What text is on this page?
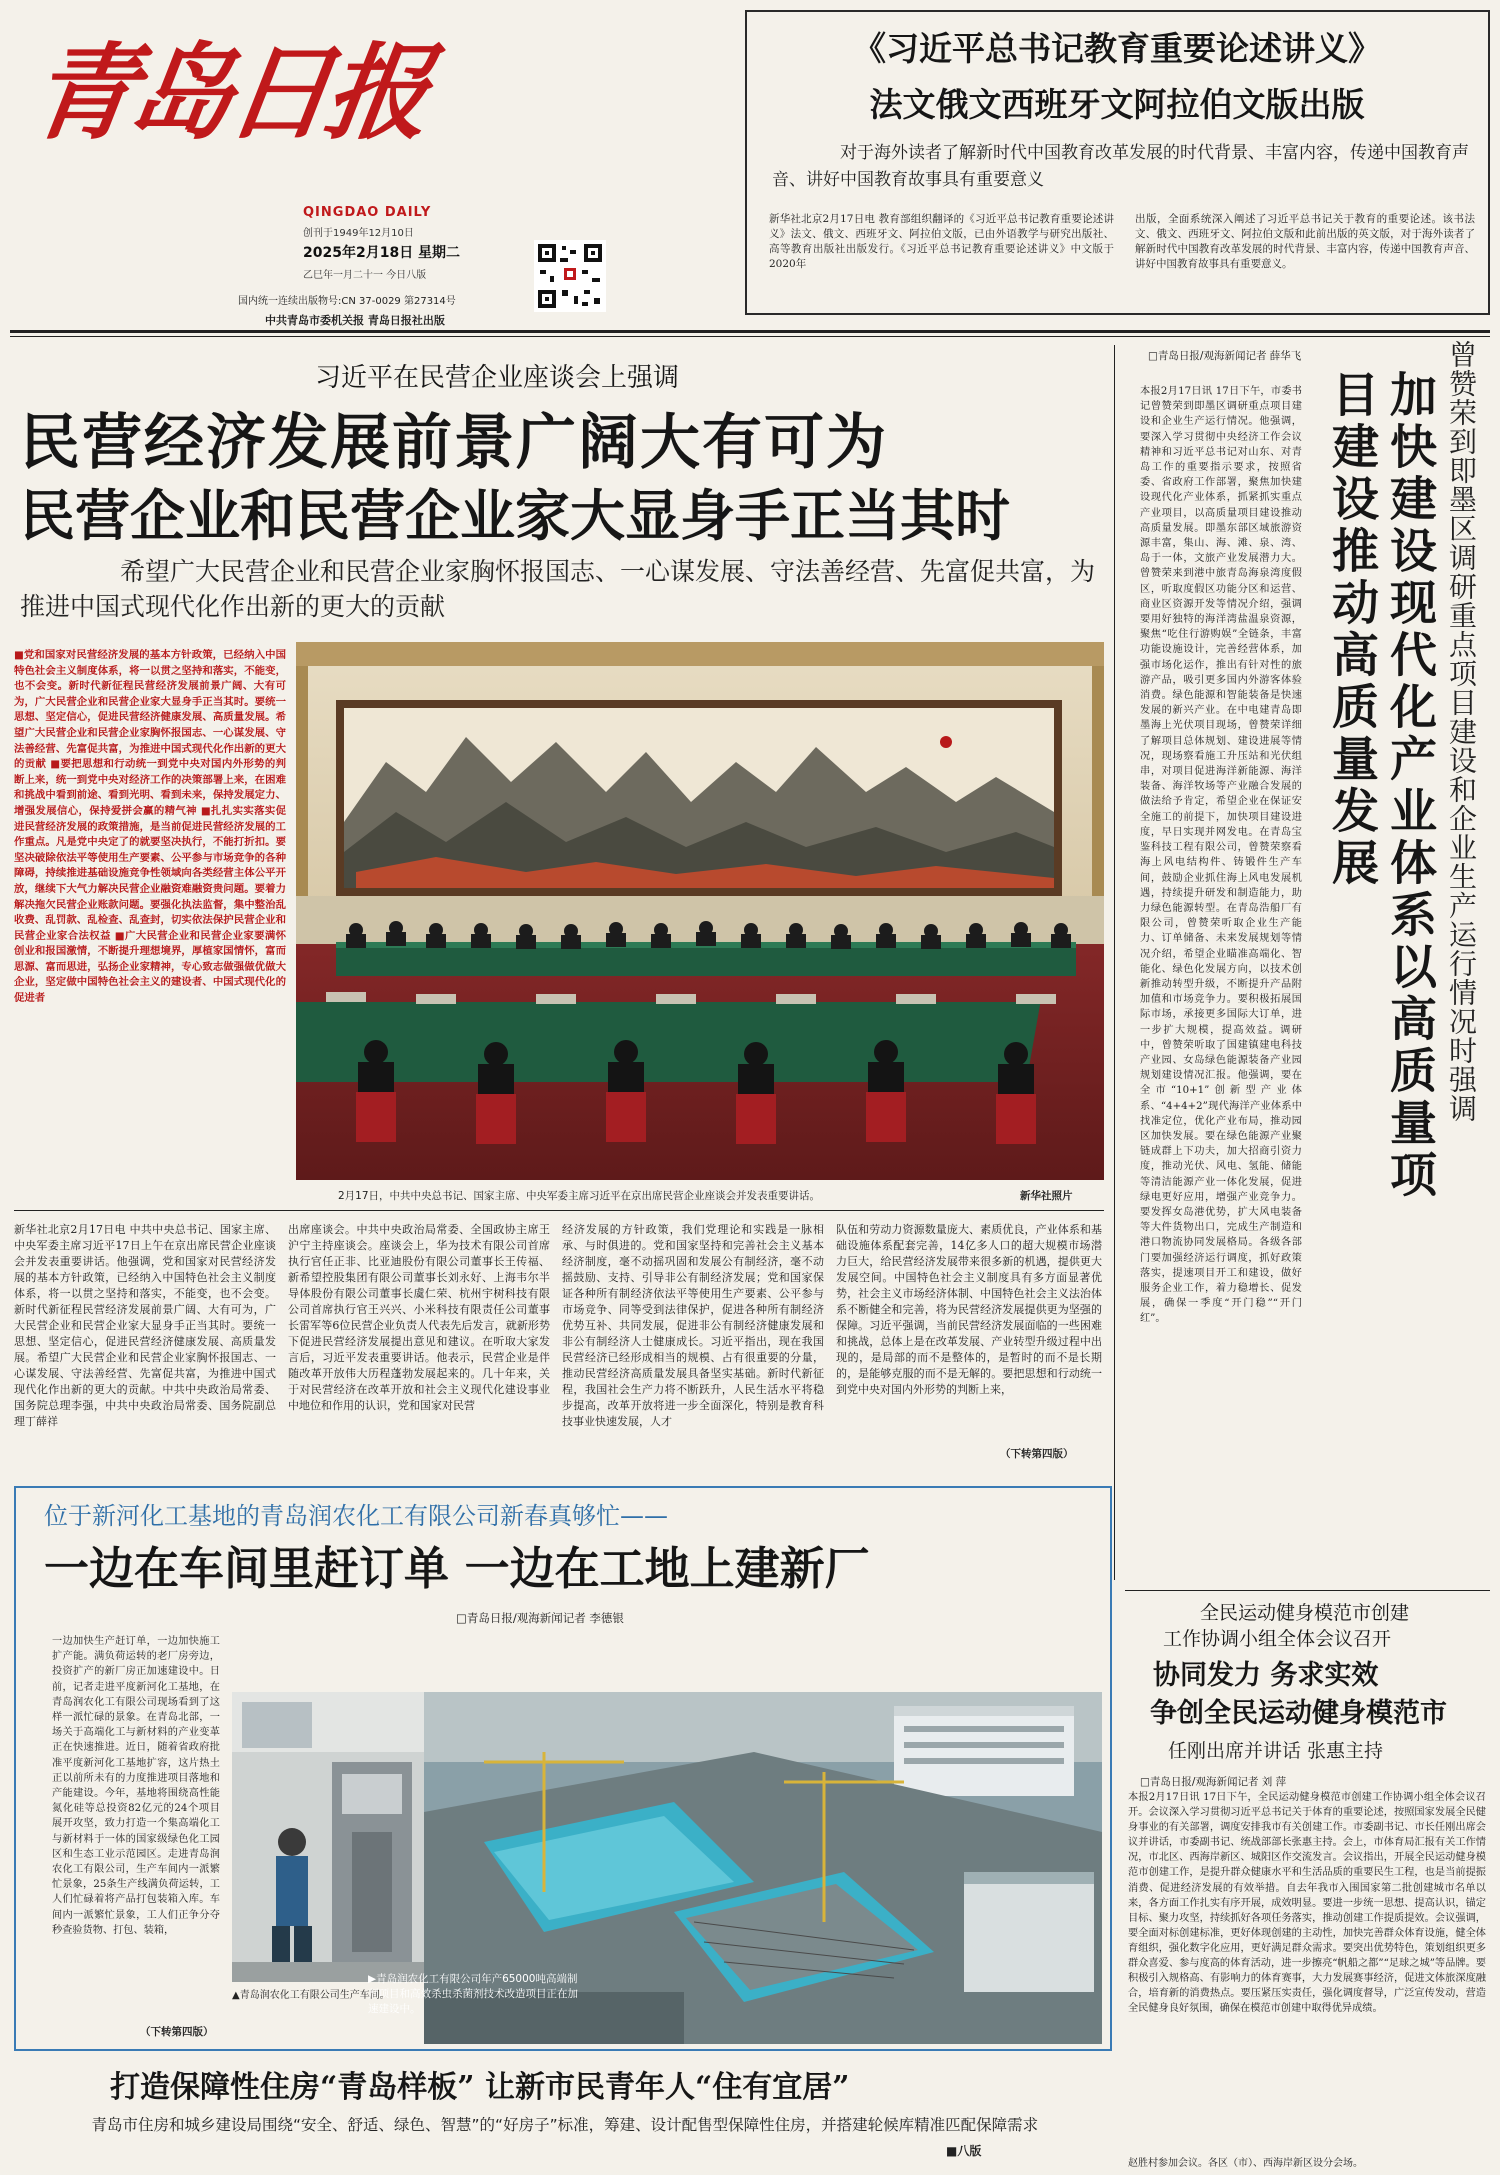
青岛日报
QINGDAO DAILY
创刊于1949年12月10日
2025年2月18日 星期二
乙巳年一月二十一 今日八版
国内统一连续出版物号:CN 37-0029 第27314号
中共青岛市委机关报 青岛日报社出版
《习近平总书记教育重要论述讲义》
法文俄文西班牙文阿拉伯文版出版
对于海外读者了解新时代中国教育改革发展的时代背景、丰富内容，传递中国教育声音、讲好中国教育故事具有重要意义
新华社北京2月17日电 教育部组织翻译的《习近平总书记教育重要论述讲义》法文、俄文、西班牙文、阿拉伯文版，已由外语教学与研究出版社、高等教育出版社出版发行。《习近平总书记教育重要论述讲义》中文版于2020年
出版，全面系统深入阐述了习近平总书记关于教育的重要论述。该书法文、俄文、西班牙文、阿拉伯文版和此前出版的英文版，对于海外读者了解新时代中国教育改革发展的时代背景、丰富内容，传递中国教育声音、讲好中国教育故事具有重要意义。
习近平在民营企业座谈会上强调
民营经济发展前景广阔大有可为
民营企业和民营企业家大显身手正当其时
希望广大民营企业和民营企业家胸怀报国志、一心谋发展、守法善经营、先富促共富，为推进中国式现代化作出新的更大的贡献
■党和国家对民营经济发展的基本方针政策，已经纳入中国特色社会主义制度体系，将一以贯之坚持和落实，不能变，也不会变。新时代新征程民营经济发展前景广阔、大有可为，广大民营企业和民营企业家大显身手正当其时。要统一思想、坚定信心，促进民营经济健康发展、高质量发展。希望广大民营企业和民营企业家胸怀报国志、一心谋发展、守法善经营、先富促共富，为推进中国式现代化作出新的更大的贡献 ■要把思想和行动统一到党中央对国内外形势的判断上来，统一到党中央对经济工作的决策部署上来，在困难和挑战中看到前途、看到光明、看到未来，保持发展定力、增强发展信心，保持爱拼会赢的精气神 ■扎扎实实落实促进民营经济发展的政策措施，是当前促进民营经济发展的工作重点。凡是党中央定了的就要坚决执行，不能打折扣。要坚决破除依法平等使用生产要素、公平参与市场竞争的各种障碍，持续推进基础设施竞争性领域向各类经营主体公平开放，继续下大气力解决民营企业融资难融资贵问题。要着力解决拖欠民营企业账款问题。要强化执法监督，集中整治乱收费、乱罚款、乱检查、乱查封，切实依法保护民营企业和民营企业家合法权益 ■广大民营企业和民营企业家要满怀创业和报国激情，不断提升理想境界，厚植家国情怀，富而思源、富而思进，弘扬企业家精神，专心致志做强做优做大企业，坚定做中国特色社会主义的建设者、中国式现代化的促进者
2月17日，中共中央总书记、国家主席、中央军委主席习近平在京出席民营企业座谈会并发表重要讲话。	新华社照片
新华社北京2月17日电 中共中央总书记、国家主席、中央军委主席习近平17日上午在京出席民营企业座谈会并发表重要讲话。他强调，党和国家对民营经济发展的基本方针政策，已经纳入中国特色社会主义制度体系，将一以贯之坚持和落实，不能变，也不会变。新时代新征程民营经济发展前景广阔、大有可为，广大民营企业和民营企业家大显身手正当其时。要统一思想、坚定信心，促进民营经济健康发展、高质量发展。希望广大民营企业和民营企业家胸怀报国志、一心谋发展、守法善经营、先富促共富，为推进中国式现代化作出新的更大的贡献。中共中央政治局常委、国务院总理李强，中共中央政治局常委、国务院副总理丁薛祥
出席座谈会。中共中央政治局常委、全国政协主席王沪宁主持座谈会。座谈会上，华为技术有限公司首席执行官任正非、比亚迪股份有限公司董事长王传福、新希望控股集团有限公司董事长刘永好、上海韦尔半导体股份有限公司董事长虞仁荣、杭州宇树科技有限公司首席执行官王兴兴、小米科技有限责任公司董事长雷军等6位民营企业负责人代表先后发言，就新形势下促进民营经济发展提出意见和建议。在听取大家发言后，习近平发表重要讲话。他表示，民营企业是伴随改革开放伟大历程蓬勃发展起来的。几十年来，关于对民营经济在改革开放和社会主义现代化建设事业中地位和作用的认识，党和国家对民营
经济发展的方针政策，我们党理论和实践是一脉相承、与时俱进的。党和国家坚持和完善社会主义基本经济制度，毫不动摇巩固和发展公有制经济，毫不动摇鼓励、支持、引导非公有制经济发展；党和国家保证各种所有制经济依法平等使用生产要素、公平参与市场竞争、同等受到法律保护，促进各种所有制经济优势互补、共同发展，促进非公有制经济健康发展和非公有制经济人士健康成长。习近平指出，现在我国民营经济已经形成相当的规模、占有很重要的分量，推动民营经济高质量发展具备坚实基础。新时代新征程，我国社会生产力将不断跃升，人民生活水平将稳步提高，改革开放将进一步全面深化，特别是教育科技事业快速发展，人才
队伍和劳动力资源数量庞大、素质优良，产业体系和基础设施体系配套完善，14亿多人口的超大规模市场潜力巨大，给民营经济发展带来很多新的机遇，提供更大发展空间。中国特色社会主义制度具有多方面显著优势，社会主义市场经济体制、中国特色社会主义法治体系不断健全和完善，将为民营经济发展提供更为坚强的保障。习近平强调，当前民营经济发展面临的一些困难和挑战，总体上是在改革发展、产业转型升级过程中出现的，是局部的而不是整体的，是暂时的而不是长期的，是能够克服的而不是无解的。要把思想和行动统一到党中央对国内外形势的判断上来，
（下转第四版）
□青岛日报/观海新闻记者 薛华飞
本报2月17日讯 17日下午，市委书记曾赞荣到即墨区调研重点项目建设和企业生产运行情况。他强调，要深入学习贯彻中央经济工作会议精神和习近平总书记对山东、对青岛工作的重要指示要求，按照省委、省政府工作部署，聚焦加快建设现代化产业体系，抓紧抓实重点产业项目，以高质量项目建设推动高质量发展。即墨东部区域旅游资源丰富，集山、海、滩、泉、湾、岛于一体，文旅产业发展潜力大。曾赞荣来到港中旅青岛海泉湾度假区，听取度假区功能分区和运营、商业区资源开发等情况介绍，强调要用好独特的海洋湾盐温泉资源，聚焦“吃住行游购娱”全链条，丰富功能设施设计，完善经营体系，加强市场化运作，推出有针对性的旅游产品，吸引更多国内外游客体验消费。绿色能源和智能装备是快速发展的新兴产业。在中电建青岛即墨海上光伏项目现场，曾赞荣详细了解项目总体规划、建设进展等情况，现场察看施工升压站和光伏组串，对项目促进海洋新能源、海洋装备、海洋牧场等产业融合发展的做法给予肯定，希望企业在保证安全施工的前提下，加快项目建设进度，早日实现并网发电。在青岛宝鉴科技工程有限公司，曾赞荣察看海上风电结构件、铸锻件生产车间，鼓励企业抓住海上风电发展机遇，持续提升研发和制造能力，助力绿色能源转型。在青岛浩船厂有限公司，曾赞荣听取企业生产能力、订单储备、未来发展规划等情况介绍，希望企业瞄准高端化、智能化、绿色化发展方向，以技术创新推动转型升级，不断提升产品附加值和市场竞争力。要积极拓展国际市场，承接更多国际大订单，进一步扩大规模，提高效益。调研中，曾赞荣听取了国建镇建电科技产业园、女岛绿色能源装备产业园规划建设情况汇报。他强调，要在全市“10+1”创新型产业体系、“4+4+2”现代海洋产业体系中找准定位，优化产业布局，推动园区加快发展。要在绿色能源产业聚链成群上下功夫，加大招商引资力度，推动光伏、风电、氢能、储能等清洁能源产业一体化发展，促进绿电更好应用，增强产业竞争力。要发挥女岛港优势，扩大风电装备等大件货物出口，完成生产制造和港口物流协同发展格局。各级各部门要加强经济运行调度，抓好政策落实，提速项目开工和建设，做好服务企业工作，着力稳增长、促发展，确保一季度“开门稳”“开门红”。
加快建设现代化产业体系以高质量项目建设推动高质量发展	曾赞荣到即墨区调研重点项目建设和企业生产运行情况时强调
位于新河化工基地的青岛润农化工有限公司新春真够忙——
一边在车间里赶订单 一边在工地上建新厂
□青岛日报/观海新闻记者 李德银
一边加快生产赶订单，一边加快施工扩产能。满负荷运转的老厂房旁边，投资扩产的新厂房正加速建设中。日前，记者走进平度新河化工基地，在青岛润农化工有限公司现场看到了这样一派忙碌的景象。在青岛北部，一场关于高端化工与新材料的产业变革正在快速推进。近日，随着省政府批准平度新河化工基地扩容，这片热土正以前所未有的力度推进项目落地和产能建设。今年，基地将围绕高性能氮化硅等总投资82亿元的24个项目展开攻坚，致力打造一个集高端化工与新材料于一体的国家级绿色化工园区和生态工业示范园区。走进青岛润农化工有限公司，生产车间内一派繁忙景象，25条生产线满负荷运转，工人们忙碌着将产品打包装箱入库。车间内一派繁忙景象，工人们正争分夺秒查验货物、打包、装箱，
（下转第四版）
▲青岛润农化工有限公司生产车间。
▶青岛润农化工有限公司年产65000吨高端制剂项目和高效杀虫杀菌剂技术改造项目正在加速建设中。
全民运动健身模范市创建
工作协调小组全体会议召开
协同发力 务求实效
争创全民运动健身模范市
任刚出席并讲话 张惠主持
□青岛日报/观海新闻记者 刘 萍
本报2月17日讯 17日下午，全民运动健身模范市创建工作协调小组全体会议召开。会议深入学习贯彻习近平总书记关于体育的重要论述，按照国家发展全民健身事业的有关部署，调度安排我市有关创建工作。市委副书记、市长任刚出席会议并讲话，市委副书记、统战部部长张惠主持。会上，市体育局汇报有关工作情况，市北区、西海岸新区、城阳区作交流发言。会议指出，开展全民运动健身模范市创建工作，是提升群众健康水平和生活品质的重要民生工程，也是当前提振消费、促进经济发展的有效举措。自去年我市入围国家第二批创建城市名单以来，各方面工作扎实有序开展，成效明显。要进一步统一思想、提高认识，锚定目标、聚力攻坚，持续抓好各项任务落实，推动创建工作提质提效。会议强调，要全面对标创建标准，更好体现创建的主动性，加快完善群众体育设施，健全体育组织，强化数字化应用，更好满足群众需求。要突出优势特色，策划组织更多群众喜爱、参与度高的体育活动，进一步擦亮“帆船之都”“足球之城”等品牌。要积极引入规格高、有影响力的体育赛事，大力发展赛事经济，促进文体旅深度融合，培育新的消费热点。要压紧压实责任，强化调度督导，广泛宣传发动，营造全民健身良好氛围，确保在模范市创建中取得优异成绩。
赵胜村参加会议。各区（市）、西海岸新区设分会场。
打造保障性住房“青岛样板” 让新市民青年人“住有宜居”
青岛市住房和城乡建设局围绕“安全、舒适、绿色、智慧”的“好房子”标准，筹建、设计配售型保障性住房，并搭建轮候库精准匹配保障需求
■八版
